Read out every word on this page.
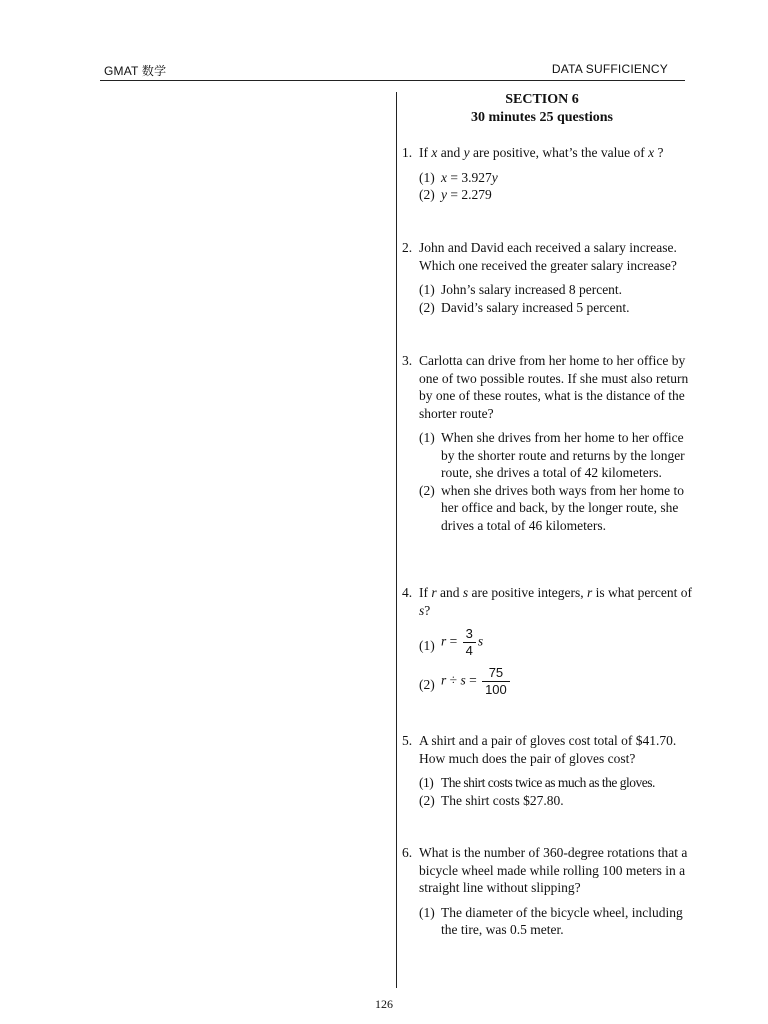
GMAT 数学	DATA SUFFICIENCY
SECTION 6
30 minutes 25 questions

1. If x and y are positive, what’s the value of x ?

(1) x = 3.927y

(2) y = 2.279

2. John and David each received a salary increase. Which one received the greater salary increase?

(1) John’s salary increased 8 percent.

(2) David’s salary increased 5 percent.

3. Carlotta can drive from her home to her office by one of two possible routes. If she must also return by one of these routes, what is the distance of the shorter route?

(1) When she drives from her home to her office by the shorter route and returns by the longer route, she drives a total of 42 kilometers.

(2) when she drives both ways from her home to her office and back, by the longer route, she drives a total of 46 kilometers.

4. If r and s are positive integers, r is what percent of s?

(1) $r = \frac{3}{4}$ s

(2) $r \div s = \frac{75}{100}$

5. A shirt and a pair of gloves cost total of $41.70. How much does the pair of gloves cost?

(1) The shirt costs twice as much as the gloves.

(2) The shirt costs $27.80.

6. What is the number of 360-degree rotations that a bicycle wheel made while rolling 100 meters in a straight line without slipping?

(1) The diameter of the bicycle wheel, including the tire, was 0.5 meter.

126
